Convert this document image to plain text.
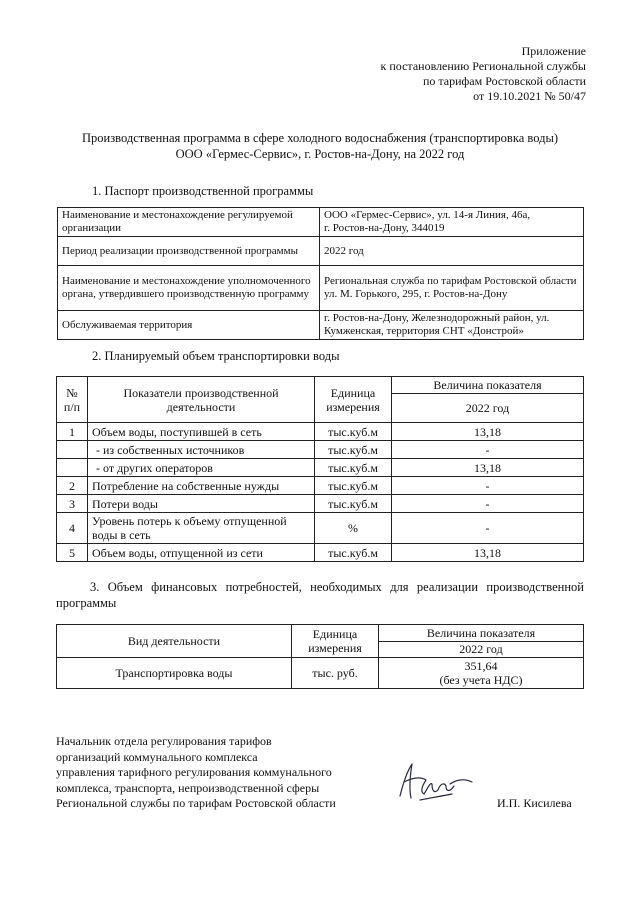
Приложение
к постановлению Региональной службы
по тарифам Ростовской области
от 19.10.2021 № 50/47
Производственная программа в сфере холодного водоснабжения (транспортировка воды)
ООО «Гермес-Сервис», г. Ростов-на-Дону, на 2022 год
1. Паспорт производственной программы
Наименование и местонахождение регулируемой организации	ООО «Гермес-Сервис», ул. 14-я Линия, 46а,
г. Ростов-на-Дону, 344019

Период реализации производственной программы	2022 год
Наименование и местонахождение уполномоченного органа, утвердившего производственную программу	Региональная служба по тарифам Ростовской области
ул. М. Горького, 295, г. Ростов-на-Дону

Обслуживаемая территория	г. Ростов-на-Дону, Железнодорожный район, ул. Кумженская, территория СНТ «Донстрой»
2. Планируемый объем транспортировки воды
№ п/п	Показатели производственной деятельности	Единица измерения	Величина показателя
			2022 год
1	Объем воды, поступившей в сеть	тыс.куб.м	13,18
	- из собственных источников	тыс.куб.м	-
	- от других операторов	тыс.куб.м	13,18
2	Потребление на собственные нужды	тыс.куб.м	-
3	Потери воды	тыс.куб.м	-
4	Уровень потерь к объему отпущенной воды в сеть	%	-
5	Объем воды, отпущенной из сети	тыс.куб.м	13,18
3. Объем финансовых потребностей, необходимых для реализации производственной программы
Вид деятельности	Единица измерения	Величина показателя
		2022 год
Транспортировка воды	тыс. руб.	351,64
(без учета НДС)
Начальник отдела регулирования тарифов
организаций коммунального комплекса
управления тарифного регулирования коммунального
комплекса, транспорта, непроизводственной сферы
Региональной службы по тарифам Ростовской области	И.П. Кисилева
